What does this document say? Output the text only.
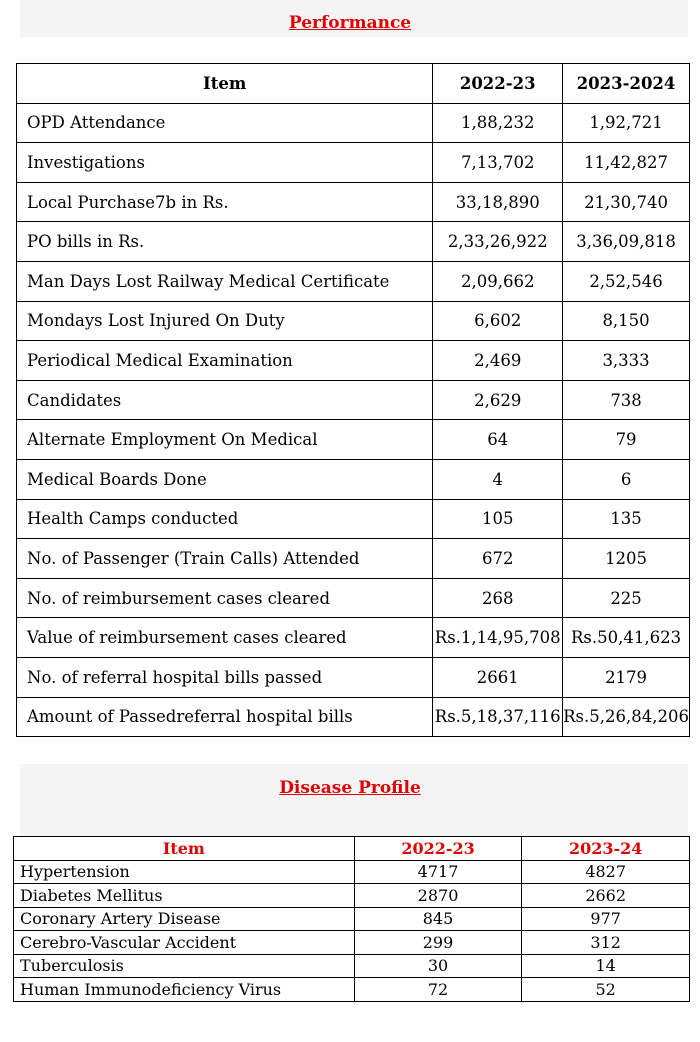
Performance
Item	2022-23	2023-2024
OPD Attendance	1,88,232	1,92,721
Investigations	7,13,702	11,42,827
Local Purchase7b in Rs.	33,18,890	21,30,740
PO bills in Rs.	2,33,26,922	3,36,09,818
Man Days Lost Railway Medical Certificate	2,09,662	2,52,546
Mondays Lost Injured On Duty	6,602	8,150
Periodical Medical Examination	2,469	3,333
Candidates	2,629	738
Alternate Employment On Medical	64	79
Medical Boards Done	4	6
Health Camps conducted	105	135
No. of Passenger (Train Calls) Attended	672	1205
No. of reimbursement cases cleared	268	225
Value of reimbursement cases cleared	Rs.1,14,95,708	Rs.50,41,623
No. of referral hospital bills passed	2661	2179
Amount of Passedreferral hospital bills	Rs.5,18,37,116	Rs.5,26,84,206
Disease Profile
Item	2022-23	2023-24
Hypertension	4717	4827
Diabetes Mellitus	2870	2662
Coronary Artery Disease	845	977
Cerebro-Vascular Accident	299	312
Tuberculosis	30	14
Human Immunodeficiency Virus	72	52
